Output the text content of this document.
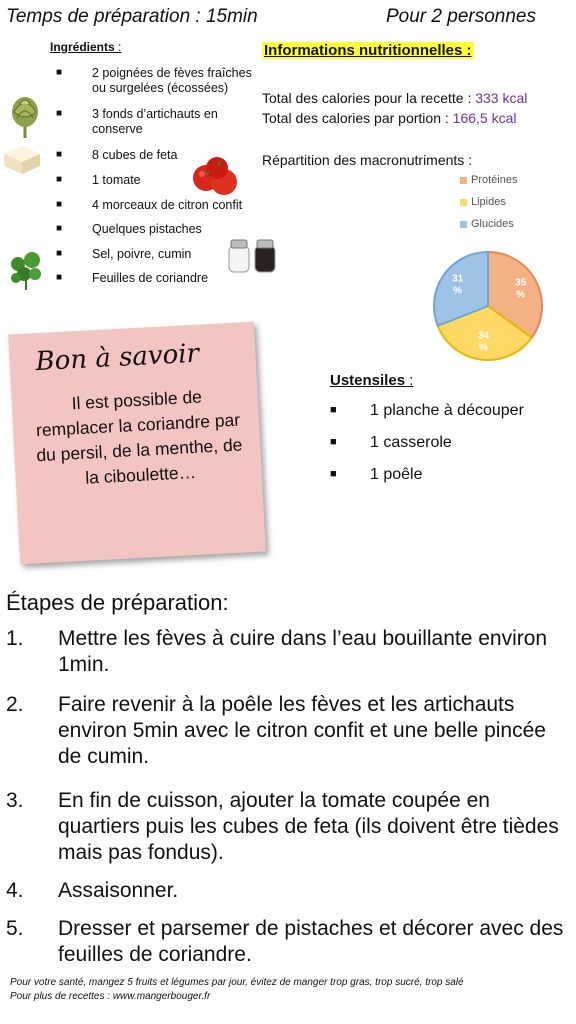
Temps de préparation : 15min	Pour 2 personnes
Ingrédients :
■ 2 poignées de fèves fraîches ou surgelées (écossées)
■ 3 fonds d’artichauts en conserve
■ 8 cubes de feta
■ 1 tomate
■ 4 morceaux de citron confit
■ Quelques pistaches
■ Sel, poivre, cumin
■ Feuilles de coriandre
Informations nutritionnelles :
Total des calories pour la recette : 333 kcal
Total des calories par portion : 166,5 kcal
Répartition des macronutriments :
Protéines
Lipides
Glucides
35 %
34 %
31 %
Bon à savoir
Il est possible de remplacer la coriandre par du persil, de la menthe, de la ciboulette…
Ustensiles :
■ 1 planche à découper
■ 1 casserole
■ 1 poêle
Étapes de préparation:
1. Mettre les fèves à cuire dans l’eau bouillante environ 1min.
2. Faire revenir à la poêle les fèves et les artichauts environ 5min avec le citron confit et une belle pincée de cumin.
3. En fin de cuisson, ajouter la tomate coupée en quartiers puis les cubes de feta (ils doivent être tièdes mais pas fondus).
4. Assaisonner.
5. Dresser et parsemer de pistaches et décorer avec des feuilles de coriandre.
Pour votre santé, mangez 5 fruits et légumes par jour, évitez de manger trop gras, trop sucré, trop salé
Pour plus de recettes : www.mangerbouger.fr
